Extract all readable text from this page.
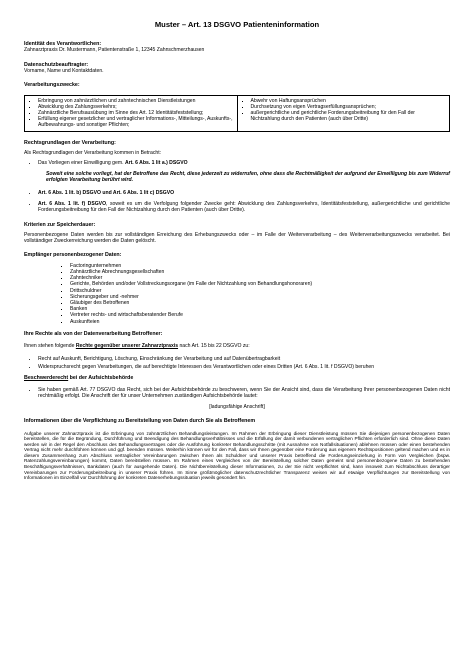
Muster – Art. 13 DSGVO Patienteninformation

Identität des Verantwortlichen:

Zahnarztpraxis Dr. Mustermann, Patientenstraße 1, 12345 Zahnschmerzhausen

Datenschutzbeauftragter:

Vorname, Name und Kontaktdaten.

Verarbeitungszwecke:

▪ Erbringung von zahnärztlichen und zahntechnischen Dienstleistungen
▪ Abwicklung des Zahlungsverkehrs;
▪ Zahnärztliche Berufsausübung im Sinne des Art. 12 Identitätsfeststellung;
▪ Erfüllung eigener gesetzlicher und vertraglicher Informations-, Mitteilungs-, Auskunfts-, Aufbewahrungs- und sonstiger Pflichten;

▪ Abwehr von Haftungsansprüchen
▪ Durchsetzung von eigen Vertragserfüllungsansprüchen;
▪ außergerichtliche und gerichtliche Forderungsbeitreibung für den Fall der Nichtzahlung durch den Patienten (auch über Dritte)

Rechtsgrundlagen der Verarbeitung:

Als Rechtsgrundlagen der Verarbeitung kommen in Betracht:

• Das Vorliegen einer Einwilligung gem. Art. 6 Abs. 1 lit a.) DSGVO

Soweit eine solche vorliegt, hat der Betroffene das Recht, diese jederzeit zu widerrufen, ohne dass die Rechtmäßigkeit der aufgrund der Einwilligung bis zum Widerruf erfolgten Verarbeitung berührt wird.

• Art. 6 Abs. 1 lit. b) DSGVO und Art. 6 Abs. 1 lit c) DSGVO
• Art. 6 Abs. 1 lit. f) DSGVO, soweit es um die Verfolgung folgender Zwecke geht: Abwicklung des Zahlungsverkehrs, Identitätsfeststellung, außergerichtliche und gerichtliche Forderungsbeitreibung für den Fall der Nichtzahlung durch den Patienten (auch über Dritte).

Kriterien zur Speicherdauer:

Personenbezogene Daten werden bis zur vollständigen Erreichung des Erhebungszwecks oder – im Falle der Weiterverarbeitung – des Weiterverarbeitungszwecks verarbeitet. Bei vollständiger Zweckerreichung werden die Daten gelöscht.

Empfänger personenbezogener Daten:

▪ Factoringunternehmen
▪ Zahnärztliche Abrechnungsgesellschaften
▪ Zahntechniker
▪ Gerichte, Behörden und/oder Vollstreckungsorgane (im Falle der Nichtzahlung von Behandlungshonoraren)
▪ Drittschuldner
▪ Sicherungsgeber und -nehmer
▪ Gläubiger des Betroffenen
▪ Banken
▪ Vertreter rechts- und wirtschaftsberatender Berufe
▪ Auskunfteien

Ihre Rechte als von der Datenverarbeitung Betroffener:

Ihnen stehen folgende Rechte gegenüber unserer Zahnarztpraxis nach Art. 15 bis 22 DSGVO zu:

• Recht auf Auskunft, Berichtigung, Löschung, Einschränkung der Verarbeitung und auf Datenübertragbarkeit
• Widerspruchsrecht gegen Verarbeitungen, die auf berechtigte Interessen des Verantwortlichen oder eines Dritten (Art. 6 Abs. 1 lit. f DSGVO) beruhen

Beschwerderecht bei der Aufsichtsbehörde

• Sie haben gemäß Art. 77 DSGVO das Recht, sich bei der Aufsichtsbehörde zu beschweren, wenn Sie der Ansicht sind, dass die Verarbeitung Ihrer personenbezogenen Daten nicht rechtmäßig erfolgt. Die Anschrift der für unser Unternehmen zuständigen Aufsichtsbehörde lautet:

[ladungsfähige Anschrift]

Informationen über die Verpflichtung zu Bereitstellung von Daten durch Sie als Betroffenem

Aufgabe unserer Zahnarztpraxis ist die Erbringung von zahnärztlichen Behandlungsleistungen. Im Rahmen der Erbringung dieser Dienstleistung müssen Sie diejenigen personenbezogenen Daten bereitstellen, die für die Begründung, Durchführung und Beendigung des Behandlungsverhältnisses und die Erfüllung der damit verbundenen vertraglichen Pflichten erforderlich sind. Ohne diese Daten werden wir in der Regel den Abschluss des Behandlungsvertrages oder die Ausführung konkreter Behandlungsschritte (mit Ausnahme von Notfallsituationen) ablehnen müssen oder einen bestehenden Vertrag nicht mehr durchführen können und ggf. beenden müssen. Weiterhin können wir für den Fall, dass wir Ihnen gegenüber eine Forderung aus eigenem Rechtspositionen geltend machen und es in diesem Zusammenhang zum Abschluss vertraglicher Vereinbarungen zwischen Ihnen als Schuldner und unserer Praxis betreffend die Forderungseinziehung in Form von Vergleichen (bspw. Ratenzahlungsvereinbarungen) kommt, Daten bereitstellen müssen. Im Rahmen eines Vergleiches von der Bereitstellung solcher Daten gemeint sind personenbezogene Daten zu bestehenden Beschäftigungsverhältnissen, Bankdaten (auch für ausgehende Daten). Die Nichtbereitstellung dieser Informationen, zu der Sie nicht verpflichtet sind, kann insoweit zum Nichtabschluss derartiger Vereinbarungen zur Forderungsbeitreibung in unserer Praxis führen. Im Sinne größtmöglicher datenschutzrechtlicher Transparenz weisen wir auf etwaige Verpflichtungen zur Bereitstellung von Informationen im Einzelfall vor Durchführung der konkreten Datenerhebungssituation jeweils gesondert hin.
